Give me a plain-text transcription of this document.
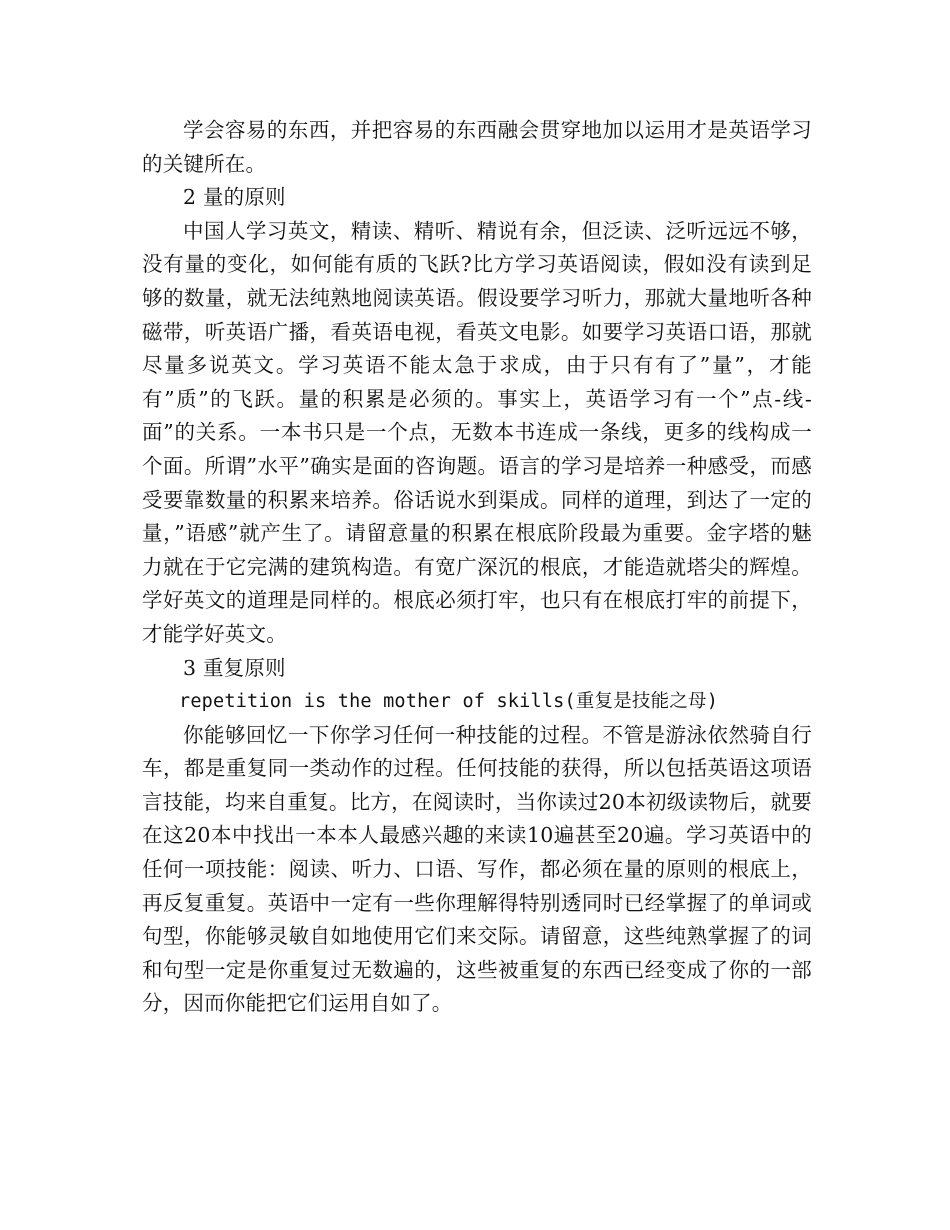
学会容易的东西，并把容易的东西融会贯穿地加以运用才是英语学习的关键所在。

2 量的原则

中国人学习英文，精读、精听、精说有余，但泛读、泛听远远不够，没有量的变化，如何能有质的飞跃?比方学习英语阅读，假如没有读到足够的数量，就无法纯熟地阅读英语。假设要学习听力，那就大量地听各种磁带，听英语广播，看英语电视，看英文电影。如要学习英语口语，那就尽量多说英文。学习英语不能太急于求成，由于只有有了”量”，才能有”质”的飞跃。量的积累是必须的。事实上，英语学习有一个”点-线-面”的关系。一本书只是一个点，无数本书连成一条线，更多的线构成一个面。所谓”水平”确实是面的咨询题。语言的学习是培养一种感受，而感受要靠数量的积累来培养。俗话说水到渠成。同样的道理，到达了一定的量，”语感”就产生了。请留意量的积累在根底阶段最为重要。金字塔的魅力就在于它完满的建筑构造。有宽广深沉的根底，才能造就塔尖的辉煌。学好英文的道理是同样的。根底必须打牢，也只有在根底打牢的前提下，才能学好英文。

3 重复原则

repetition is the mother of skills(重复是技能之母)

你能够回忆一下你学习任何一种技能的过程。不管是游泳依然骑自行车，都是重复同一类动作的过程。任何技能的获得，所以包括英语这项语言技能，均来自重复。比方，在阅读时，当你读过20本初级读物后，就要在这20本中找出一本本人最感兴趣的来读10遍甚至20遍。学习英语中的任何一项技能：阅读、听力、口语、写作，都必须在量的原则的根底上，再反复重复。英语中一定有一些你理解得特别透同时已经掌握了的单词或句型，你能够灵敏自如地使用它们来交际。请留意，这些纯熟掌握了的词和句型一定是你重复过无数遍的，这些被重复的东西已经变成了你的一部分，因而你能把它们运用自如了。
